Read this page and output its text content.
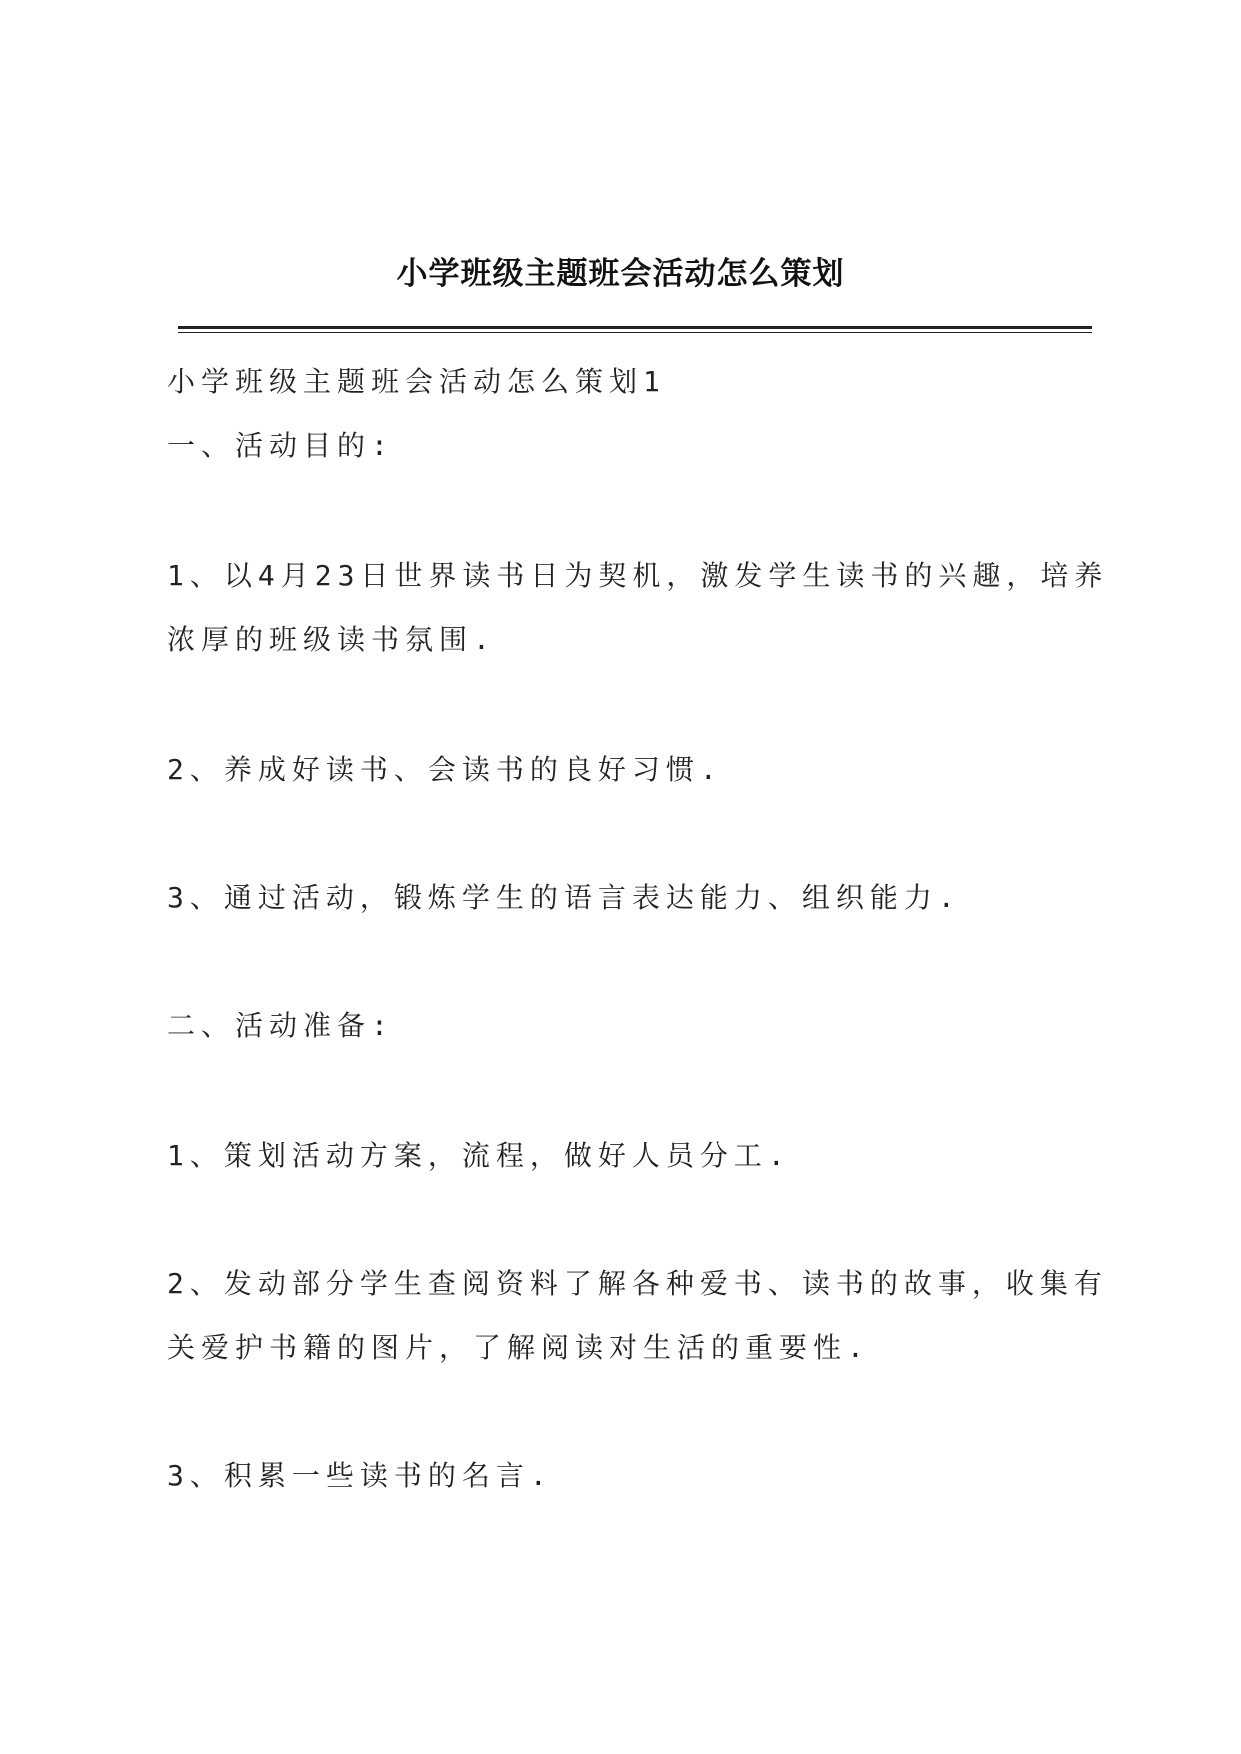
小学班级主题班会活动怎么策划
小学班级主题班会活动怎么策划1
一、活动目的:
1、以4月23日世界读书日为契机，激发学生读书的兴趣，培养
浓厚的班级读书氛围.
2、养成好读书、会读书的良好习惯.
3、通过活动，锻炼学生的语言表达能力、组织能力.
二、活动准备:
1、策划活动方案，流程，做好人员分工.
2、发动部分学生查阅资料了解各种爱书、读书的故事，收集有
关爱护书籍的图片，了解阅读对生活的重要性.
3、积累一些读书的名言.
